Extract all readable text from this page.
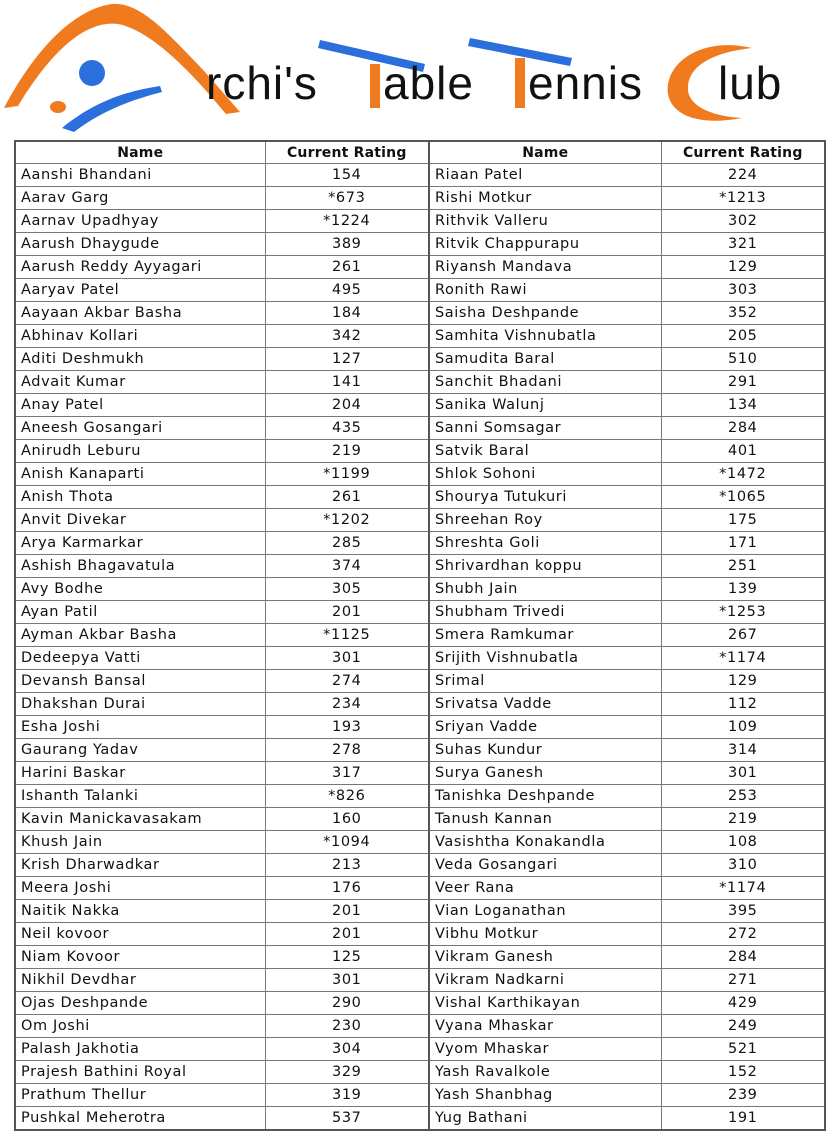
rchi's able ennis lub
Name	Current Rating	Name	Current Rating
Aanshi Bhandani	154	Riaan Patel	224
Aarav Garg	*673	Rishi Motkur	*1213
Aarnav Upadhyay	*1224	Rithvik Valleru	302
Aarush Dhaygude	389	Ritvik Chappurapu	321
Aarush Reddy Ayyagari	261	Riyansh Mandava	129
Aaryav Patel	495	Ronith Rawi	303
Aayaan Akbar Basha	184	Saisha Deshpande	352
Abhinav Kollari	342	Samhita Vishnubatla	205
Aditi Deshmukh	127	Samudita Baral	510
Advait Kumar	141	Sanchit Bhadani	291
Anay Patel	204	Sanika Walunj	134
Aneesh Gosangari	435	Sanni Somsagar	284
Anirudh Leburu	219	Satvik Baral	401
Anish Kanaparti	*1199	Shlok Sohoni	*1472
Anish Thota	261	Shourya Tutukuri	*1065
Anvit Divekar	*1202	Shreehan Roy	175
Arya Karmarkar	285	Shreshta Goli	171
Ashish Bhagavatula	374	Shrivardhan koppu	251
Avy Bodhe	305	Shubh Jain	139
Ayan Patil	201	Shubham Trivedi	*1253
Ayman Akbar Basha	*1125	Smera Ramkumar	267
Dedeepya Vatti	301	Srijith Vishnubatla	*1174
Devansh Bansal	274	Srimal	129
Dhakshan Durai	234	Srivatsa Vadde	112
Esha Joshi	193	Sriyan Vadde	109
Gaurang Yadav	278	Suhas Kundur	314
Harini Baskar	317	Surya Ganesh	301
Ishanth Talanki	*826	Tanishka Deshpande	253
Kavin Manickavasakam	160	Tanush Kannan	219
Khush Jain	*1094	Vasishtha Konakandla	108
Krish Dharwadkar	213	Veda Gosangari	310
Meera Joshi	176	Veer Rana	*1174
Naitik Nakka	201	Vian Loganathan	395
Neil kovoor	201	Vibhu Motkur	272
Niam Kovoor	125	Vikram Ganesh	284
Nikhil Devdhar	301	Vikram Nadkarni	271
Ojas Deshpande	290	Vishal Karthikayan	429
Om Joshi	230	Vyana Mhaskar	249
Palash Jakhotia	304	Vyom Mhaskar	521
Prajesh Bathini Royal	329	Yash Ravalkole	152
Prathum Thellur	319	Yash Shanbhag	239
Pushkal Meherotra	537	Yug Bathani	191
